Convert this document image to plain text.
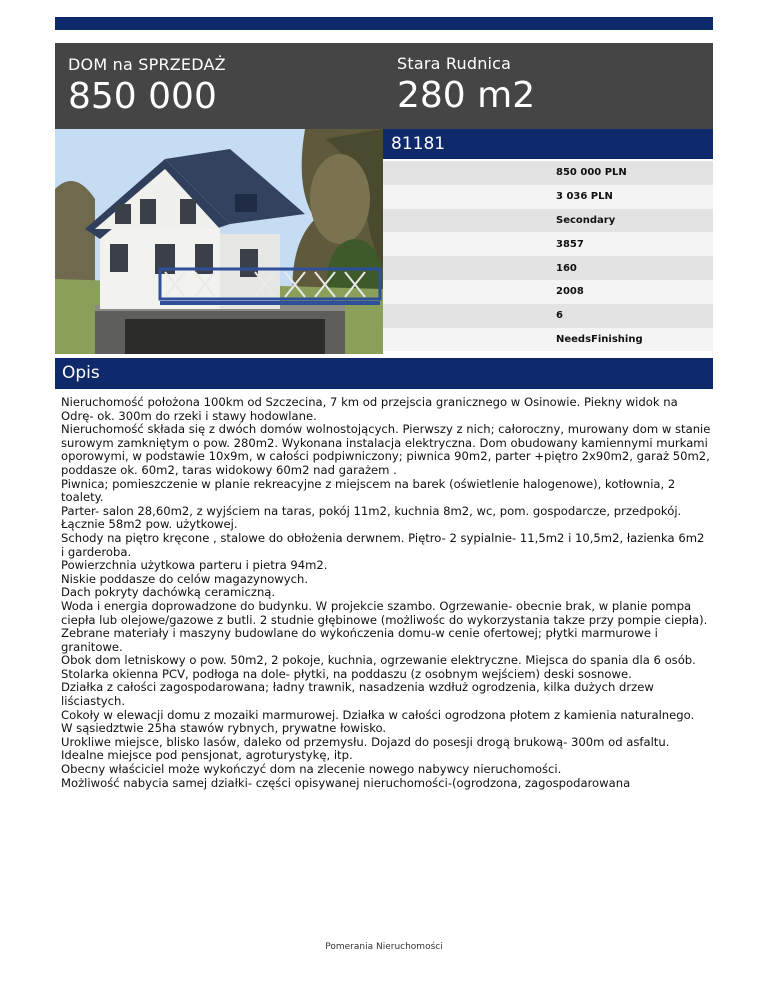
DOM na SPRZEDAŻ
850 000
Stara Rudnica
280 m2
81181
850 000 PLN
3 036 PLN
Secondary
3857
160
2008
6
NeedsFinishing
Opis

Nieruchomość położona 100km od Szczecina, 7 km od przejscia granicznego w Osinowie. Piekny widok na Odrę- ok. 300m do rzeki i stawy hodowlane.

Nieruchomość składa się z dwóch domów wolnostojących. Pierwszy z nich; całoroczny, murowany dom w stanie surowym zamkniętym o pow. 280m2. Wykonana instalacja elektryczna. Dom obudowany kamiennymi murkami oporowymi, w podstawie 10x9m, w całości podpiwniczony; piwnica 90m2, parter +piętro 2x90m2, garaż 50m2, poddasze ok. 60m2, taras widokowy 60m2 nad garażem .

Piwnica; pomieszczenie w planie rekreacyjne z miejscem na barek (oświetlenie halogenowe), kotłownia, 2 toalety.

Parter- salon 28,60m2, z wyjściem na taras, pokój 11m2, kuchnia 8m2, wc, pom. gospodarcze, przedpokój. Łącznie 58m2 pow. użytkowej.

Schody na piętro kręcone , stalowe do obłożenia derwnem. Piętro- 2 sypialnie- 11,5m2 i 10,5m2, łazienka 6m2 i garderoba.

Powierzchnia użytkowa parteru i pietra 94m2.

Niskie poddasze do celów magazynowych.

Dach pokryty dachówką ceramiczną.

Woda i energia doprowadzone do budynku. W projekcie szambo. Ogrzewanie- obecnie brak, w planie pompa ciepła lub olejowe/gazowe z butli. 2 studnie głębinowe (możliwośc do wykorzystania takze przy pompie ciepła).

Zebrane materiały i maszyny budowlane do wykończenia domu-w cenie ofertowej; płytki marmurowe i granitowe.

Obok dom letniskowy o pow. 50m2, 2 pokoje, kuchnia, ogrzewanie elektryczne. Miejsca do spania dla 6 osób. Stolarka okienna PCV, podłoga na dole- płytki, na poddaszu (z osobnym wejściem) deski sosnowe.

Działka z całości zagospodarowana; ładny trawnik, nasadzenia wzdłuż ogrodzenia, kilka dużych drzew liściastych.

Cokoły w elewacji domu z mozaiki marmurowej. Działka w całości ogrodzona płotem z kamienia naturalnego.

W sąsiedztwie 25ha stawów rybnych, prywatne łowisko.

Urokliwe miejsce, blisko lasów, daleko od przemysłu. Dojazd do posesji drogą brukową- 300m od asfaltu.

Idealne miejsce pod pensjonat, agroturystykę, itp.

Obecny właściciel może wykończyć dom na zlecenie nowego nabywcy nieruchomości.

Możliwość nabycia samej działki- części opisywanej nieruchomości-(ogrodzona, zagospodarowana

Pomerania Nieruchomości
